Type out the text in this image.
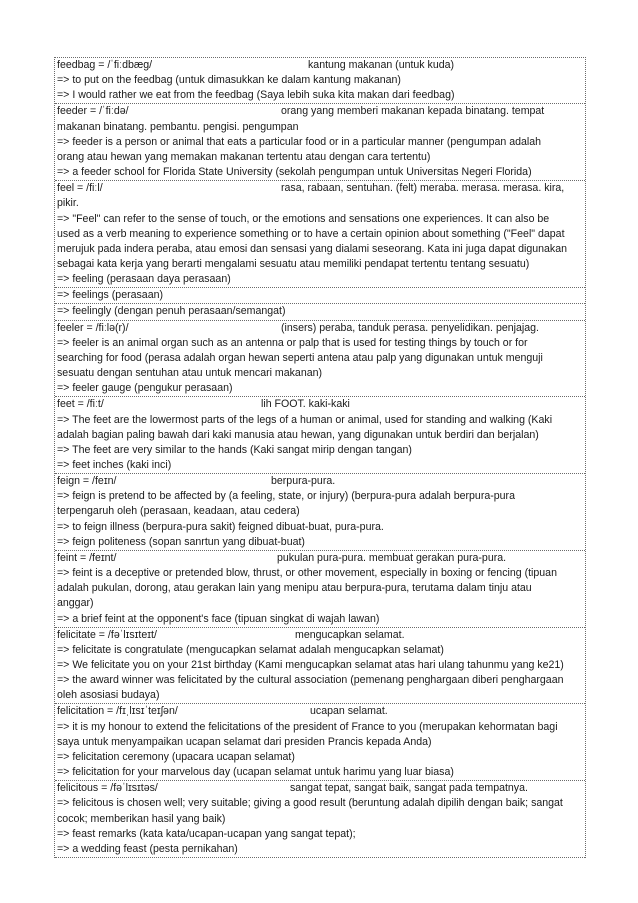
feedbag = /ˈfiːdbæg/	kantung makanan (untuk kuda)
=> to put on the feedbag (untuk dimasukkan ke dalam kantung makanan)
=> I would rather we eat from the feedbag (Saya lebih suka kita makan dari feedbag)
feeder = /ˈfiːdə/	orang yang memberi makanan kepada binatang. tempat
makanan binatang. pembantu. pengisi. pengumpan
=> feeder is a person or animal that eats a particular food or in a particular manner (pengumpan adalah
orang atau hewan yang memakan makanan tertentu atau dengan cara tertentu)
=> a feeder school for Florida State University (sekolah pengumpan untuk Universitas Negeri Florida)
feel = /fiːl/	rasa, rabaan, sentuhan. (felt) meraba. merasa. merasa. kira,
pikir.
=> "Feel" can refer to the sense of touch, or the emotions and sensations one experiences. It can also be
used as a verb meaning to experience something or to have a certain opinion about something ("Feel" dapat
merujuk pada indera peraba, atau emosi dan sensasi yang dialami seseorang. Kata ini juga dapat digunakan
sebagai kata kerja yang berarti mengalami sesuatu atau memiliki pendapat tertentu tentang sesuatu)
=> feeling (perasaan daya perasaan)
=> feelings (perasaan)
=> feelingly (dengan penuh perasaan/semangat)
feeler = /fiːlə(r)/	(insers) peraba, tanduk perasa. penyelidikan. penjajag.
=> feeler is an animal organ such as an antenna or palp that is used for testing things by touch or for
searching for food (perasa adalah organ hewan seperti antena atau palp yang digunakan untuk menguji
sesuatu dengan sentuhan atau untuk mencari makanan)
=> feeler gauge (pengukur perasaan)
feet = /fiːt/	lih FOOT. kaki-kaki
=> The feet are the lowermost parts of the legs of a human or animal, used for standing and walking (Kaki
adalah bagian paling bawah dari kaki manusia atau hewan, yang digunakan untuk berdiri dan berjalan)
=> The feet are very similar to the hands (Kaki sangat mirip dengan tangan)
=> feet inches (kaki inci)
feign = /feɪn/	berpura-pura.
=> feign is pretend to be affected by (a feeling, state, or injury) (berpura-pura adalah berpura-pura
terpengaruh oleh (perasaan, keadaan, atau cedera)
=> to feign illness (berpura-pura sakit) feigned dibuat-buat, pura-pura.
=> feign politeness (sopan sanrtun yang dibuat-buat)
feint = /feɪnt/	pukulan pura-pura. membuat gerakan pura-pura.
=> feint is a deceptive or pretended blow, thrust, or other movement, especially in boxing or fencing (tipuan
adalah pukulan, dorong, atau gerakan lain yang menipu atau berpura-pura, terutama dalam tinju atau
anggar)
=> a brief feint at the opponent's face (tipuan singkat di wajah lawan)
felicitate = /fəˈlɪsɪteɪt/	mengucapkan selamat.
=> felicitate is congratulate (mengucapkan selamat adalah mengucapkan selamat)
=> We felicitate you on your 21st birthday (Kami mengucapkan selamat atas hari ulang tahunmu yang ke21)
=> the award winner was felicitated by the cultural association (pemenang penghargaan diberi penghargaan
oleh asosiasi budaya)
felicitation = /fɪˌlɪsɪˈteɪʃən/	ucapan selamat.
=> it is my honour to extend the felicitations of the president of France to you (merupakan kehormatan bagi
saya untuk menyampaikan ucapan selamat dari presiden Prancis kepada Anda)
=> felicitation ceremony (upacara ucapan selamat)
=> felicitation for your marvelous day (ucapan selamat untuk harimu yang luar biasa)
felicitous = /fəˈlɪsɪtəs/	sangat tepat, sangat baik, sangat pada tempatnya.
=> felicitous is chosen well; very suitable; giving a good result (beruntung adalah dipilih dengan baik; sangat
cocok; memberikan hasil yang baik)
=> feast remarks (kata kata/ucapan-ucapan yang sangat tepat);
=> a wedding feast (pesta pernikahan)
